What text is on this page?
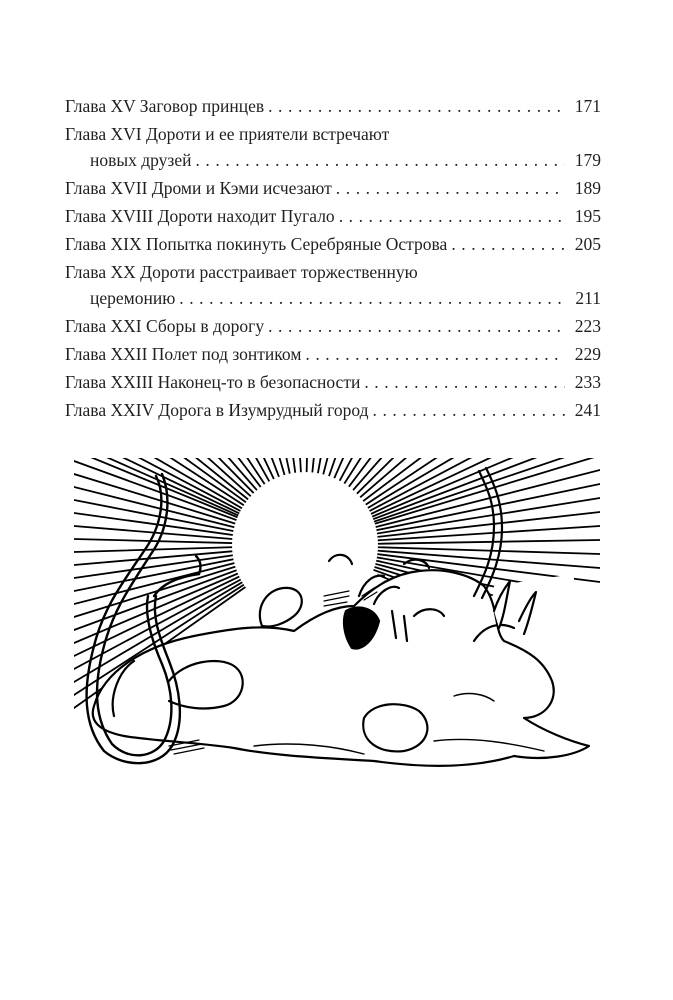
Глава XV Заговор принцев . . .	171
Глава XVI Дороти и ее приятели встречают
новых друзей . . .	179
Глава XVII Дроми и Кэми исчезают . . .	189
Глава XVIII Дороти находит Пугало . . .	195
Глава XIX Попытка покинуть Серебряные Острова . . .	205
Глава XX Дороти расстраивает торжественную
церемонию . . .	211
Глава XXI Сборы в дорогу . . .	223
Глава XXII Полет под зонтиком . . .	229
Глава XXIII Наконец-то в безопасности . . .	233
Глава XXIV Дорога в Изумрудный город . . .	241
